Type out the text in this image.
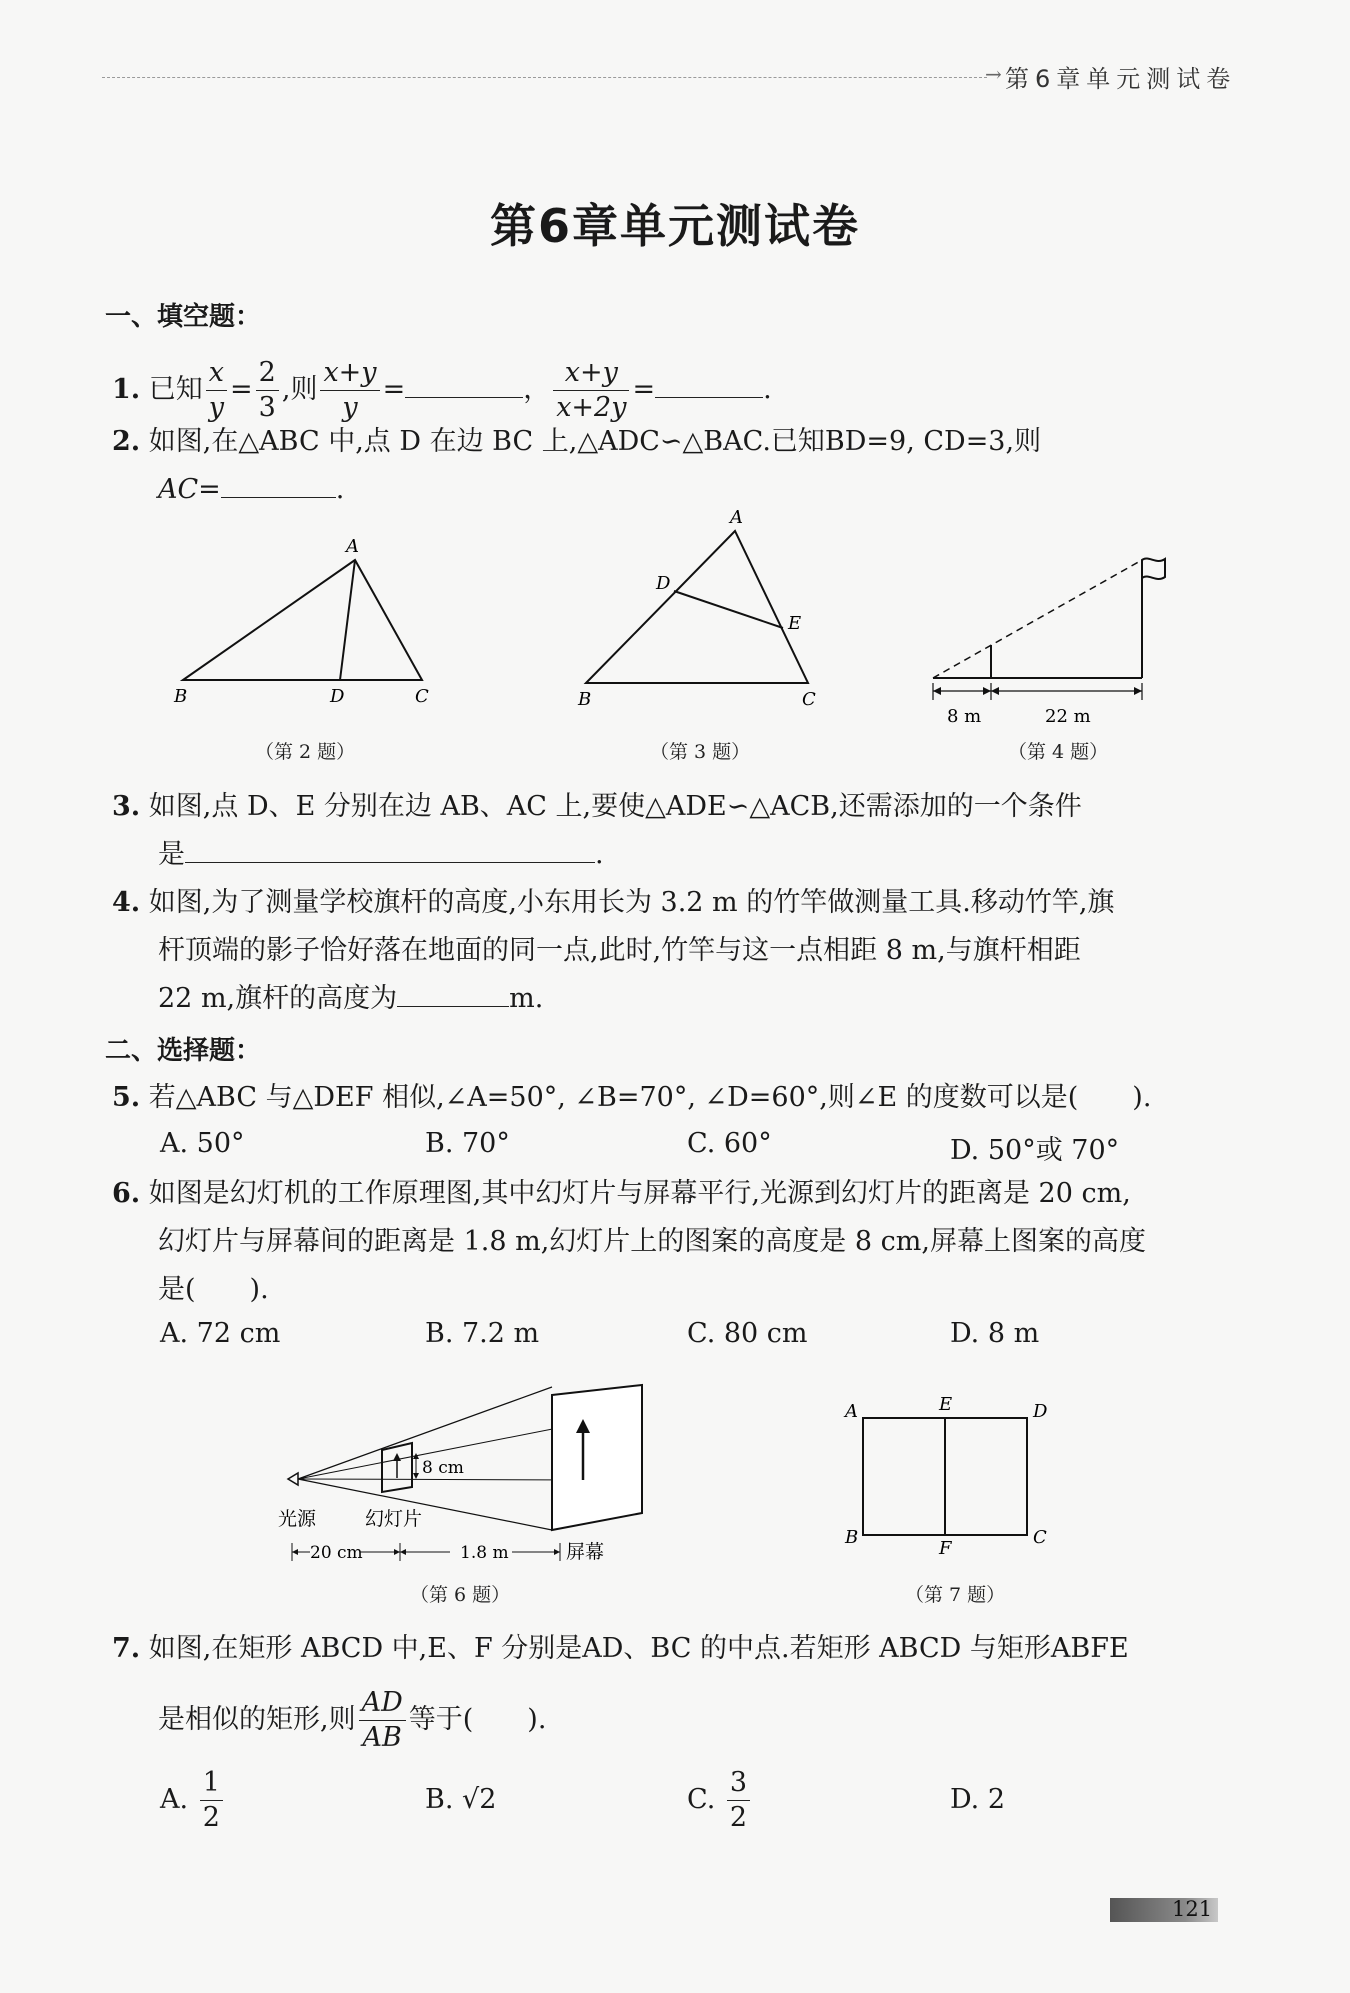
→ 第6章单元测试卷
第6章单元测试卷
一、填空题：
1. 已知 $\frac{x}{y} = \frac{2}{3}$ ,则 $\frac{x+y}{y}$ =	， $\frac{x+y}{x+2y}$ =	.
2. 如图,在△ABC 中,点 D 在边 BC 上,△ADC∽△BAC.已知BD=9, CD=3,则
AC=	.
A
B	D	C
（第 2 题）
A
D
E
B	C
（第 3 题）
8 m	22 m
（第 4 题）
3. 如图,点 D、E 分别在边 AB、AC 上,要使△ADE∽△ACB,还需添加的一个条件
是	.
4. 如图,为了测量学校旗杆的高度,小东用长为 3.2 m 的竹竿做测量工具.移动竹竿,旗
杆顶端的影子恰好落在地面的同一点,此时,竹竿与这一点相距 8 m,与旗杆相距
22 m,旗杆的高度为	m.
二、选择题：
5. 若△ABC 与△DEF 相似,∠A=50°, ∠B=70°, ∠D=60°,则∠E 的度数可以是(　　).
A. 50°	B. 70°	C. 60°	D. 50°或 70°
6. 如图是幻灯机的工作原理图,其中幻灯片与屏幕平行,光源到幻灯片的距离是 20 cm,
幻灯片与屏幕间的距离是 1.8 m,幻灯片上的图案的高度是 8 cm,屏幕上图案的高度
是(　　).
A. 72 cm	B. 7.2 m	C. 80 cm	D. 8 m
8 cm
20 cm	1.8 m
光源	幻灯片
屏幕
（第 6 题）
A	E	D
B
F
C
（第 7 题）
7. 如图,在矩形 ABCD 中,E、F 分别是AD、BC 的中点.若矩形 ABCD 与矩形ABFE
是相似的矩形,则 $\frac{AD}{AB}$ 等于(　　).
A. $\frac{1}{2}$	B. √2	C. $\frac{3}{2}$	D. 2
121
